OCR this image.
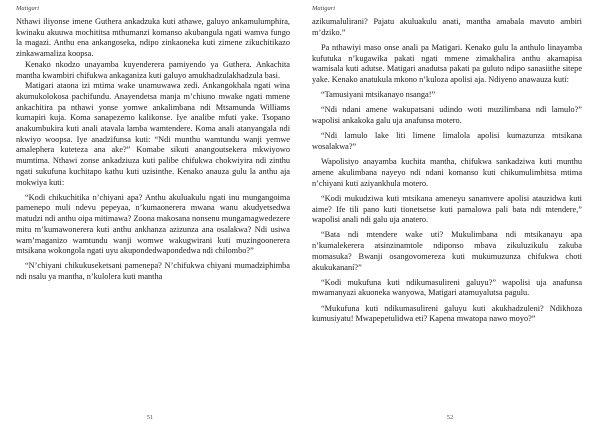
Matigari

Nthawi iliyonse imene Guthera ankadzuka kuti athawe, galuyo ankamulumphira, kwinaku akuuwa mochititsa mthumanzi komanso akubangula ngati wamva fungo la magazi. Anthu ena ankangoseka, ndipo zinkaoneka kuti zimene zikuchitikazo zinkawamaliza koopsa.

Kenako nkodzo unayamba kuyenderera pamiyendo ya Guthera. Ankachita mantha kwambiri chifukwa ankaganiza kuti galuyo amukhadzulakhadzula basi.

Matigari ataona izi mtima wake unamuwawa zedi. Ankangokhala ngati wina akumukolokosa pachifundu. Anayendetsa manja m’chiuno mwake ngati mmene ankachitira pa nthawi yonse yomwe ankalimbana ndi Mtsamunda Williams kumapiri kuja. Koma sanapezemo kalikonse. Iye analibe mfuti yake. Tsopano anakumbukira kuti anali atavala lamba wamtendere. Koma anali atanyangala ndi nkwiyo woopsa. Iye anadzifunsa kuti: “Ndi munthu wamtundu wanji yemwe amalephera kuteteza ana ake?” Komabe sikuti anangoutsekera mkwiyowo mumtima. Nthawi zonse ankadziuza kuti palibe chifukwa chokwiyira ndi zinthu ngati sukufuna kuchitapo kathu kuti uzisinthe. Kenako anauza gulu la anthu aja mokwiya kuti:

“Kodi chikuchitika n’chiyani apa? Anthu akuluakulu ngati inu mungangoima pamenepo muli ndevu pepeyaa, n’kumaonerera mwana wanu akudyetsedwa matudzi ndi anthu oipa mitimawa? Zoona makosana nonsenu mungamagwedezere mitu m’kumawonerera kuti anthu ankhanza azizunza ana osalakwa? Ndi usiwa wam’maganizo wamtundu wanji womwe wakugwirani kuti muzingoonerera mtsikana wokongola ngati uyu akupondedwapondedwa ndi chilombo?”

“N’chiyani chikukuseketsani pamenepa? N’chifukwa chiyani mumadziphimba ndi nsalu ya mantha, n’kulolera kuti mantha

51
Matigari

azikumalulirani? Pajatu akuluakulu anati, mantha amabala mavuto ambiri m’dziko.”

Pa nthawiyi maso onse anali pa Matigari. Kenako gulu la anthulo linayamba kufutuka n’kugawika pakati ngati mmene zimakhalira anthu akamapisa wamisala kuti adutse. Matigari anadutsa pakati pa guluto ndipo sanasiithe sitepe yake. Kenako anatukula mkono n’kuloza apolisi aja. Ndiyeno anawauza kuti:

“Tamusiyani mtsikanayo nsanga!”

“Ndi ndani amene wakupatsani udindo woti muzilimbana ndi lamulo?” wapolisi ankakoka galu uja anafunsa motero.

“Ndi lamulo lake liti limene limalola apolisi kumazunza mtsikana wosalakwa?”

Wapolisiyo anayamba kuchita mantha, chifukwa sankadziwa kuti munthu amene akulimbana nayeyo ndi ndani komanso kuti chikumulimbitsa mtima n’chiyani kuti aziyankhula motero.

“Kodi mukudziwa kuti mtsikana ameneyu sanamvere apolisi atauzidwa kuti aime? Ife tili pano kuti tionetsetse kuti pamalowa pali bata ndi mtendere,” wapolisi anali ndi galu uja anatero.

“Bata ndi mtendere wake uti? Mukulimbana ndi mtsikanayu apa n’kumalekerera atsinzinamtole ndiponso mbava zikuluzikulu zakuba momasuka? Bwanji osangovomereza kuti mukumuzunza chifukwa choti akukukananí?”

“Kodi mukufuna kuti ndikumasulireni galuyu?” wapolisi uja anafunsa mwamanyazi akuoneka wanyowa, Matigari atamuyalutsa pagulu.

“Mukufuna kuti ndikumasulireni galuyu kuti akukhadzuleni? Ndikhoza kumusiyatu! Mwapepetulidwa eti? Kapena mwatopa nawo moyo?”

52
